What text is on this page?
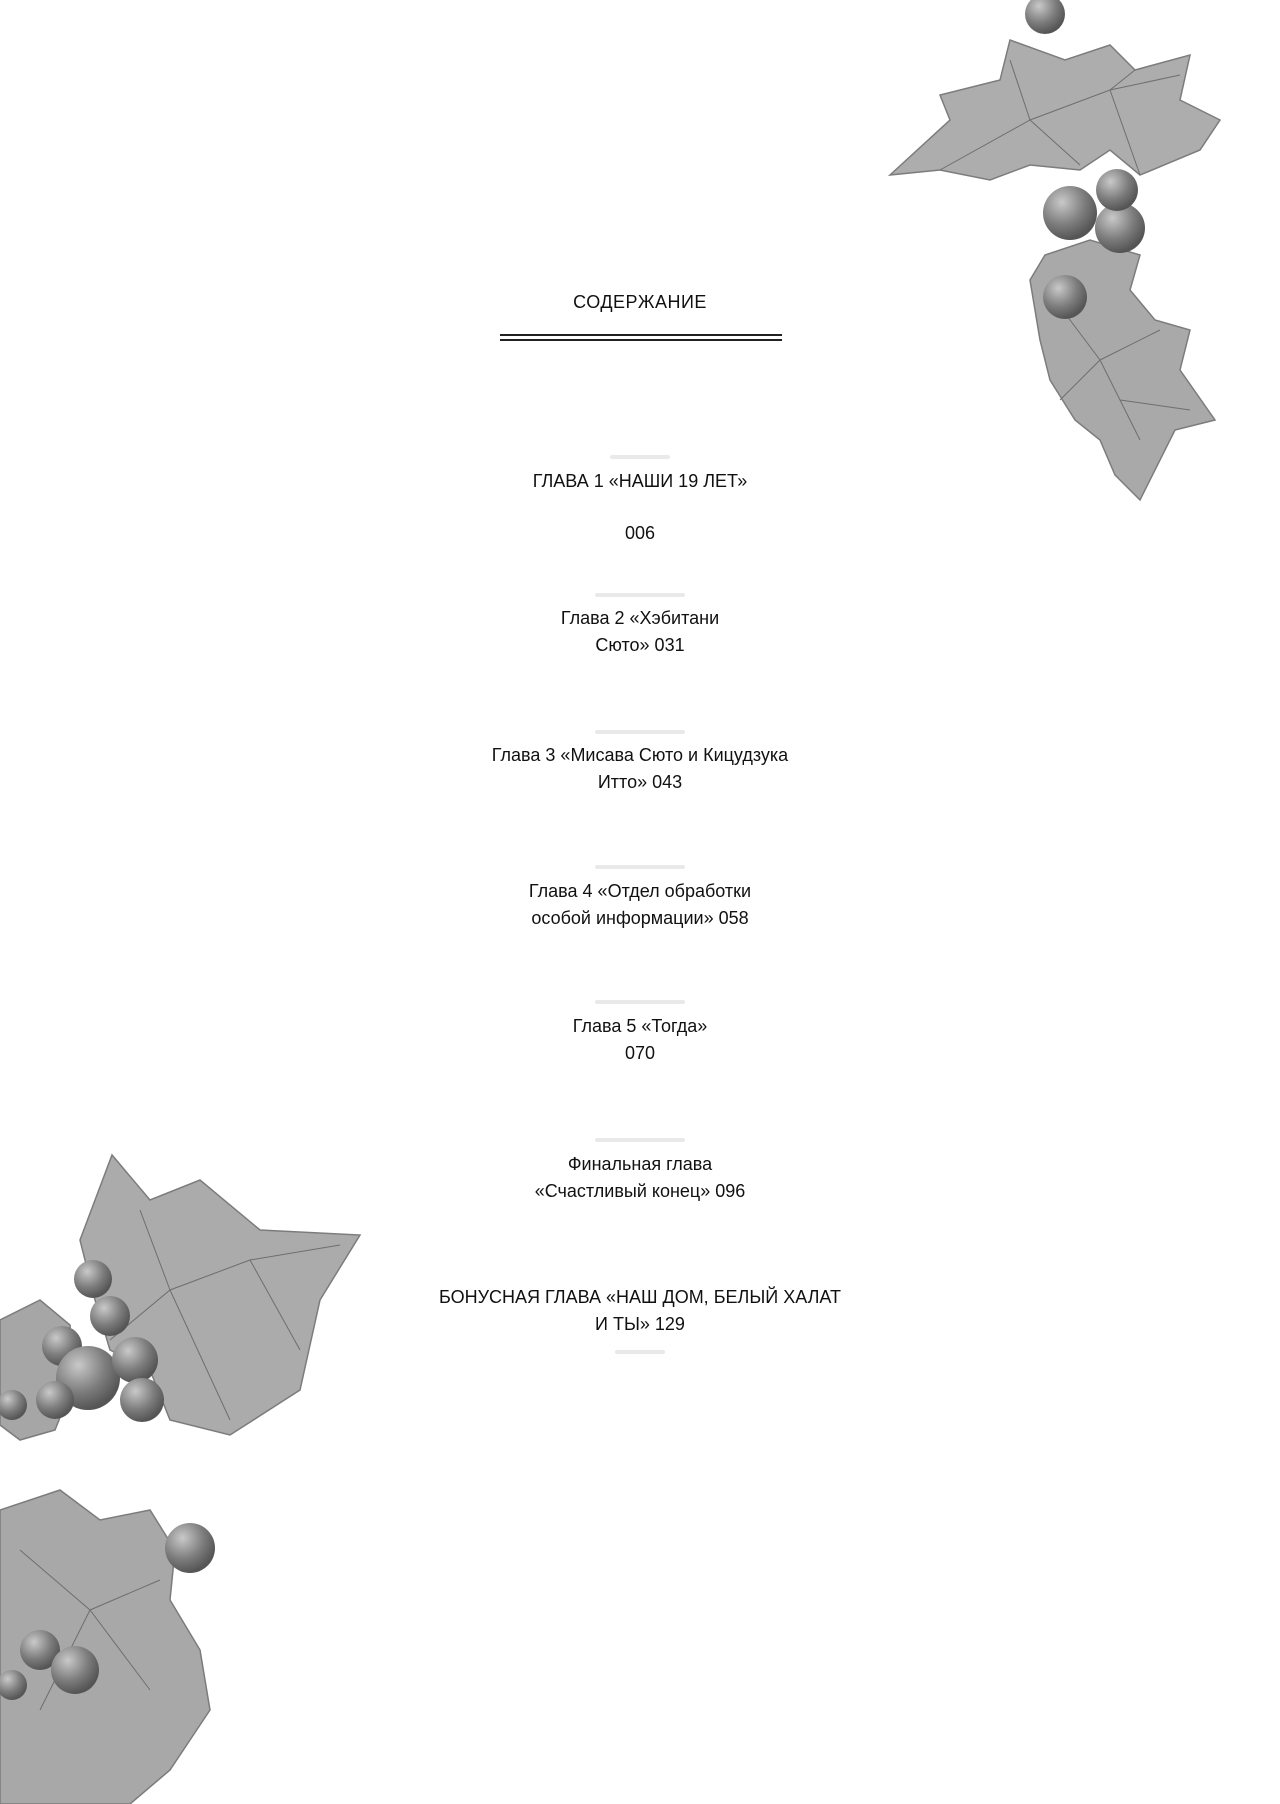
СОДЕРЖАНИЕ
ГЛАВА 1 «НАШИ 19 ЛЕТ»
006
Глава 2 «Хэбитани
Сюто» 031
Глава 3 «Мисава Сюто и Кицудзука
Итто» 043
Глава 4 «Отдел обработки
особой информации» 058
Глава 5 «Тогда»
070
Финальная глава
«Счастливый конец» 096
БОНУСНАЯ ГЛАВА «НАШ ДОМ, БЕЛЫЙ ХАЛАТ
И ТЫ» 129
